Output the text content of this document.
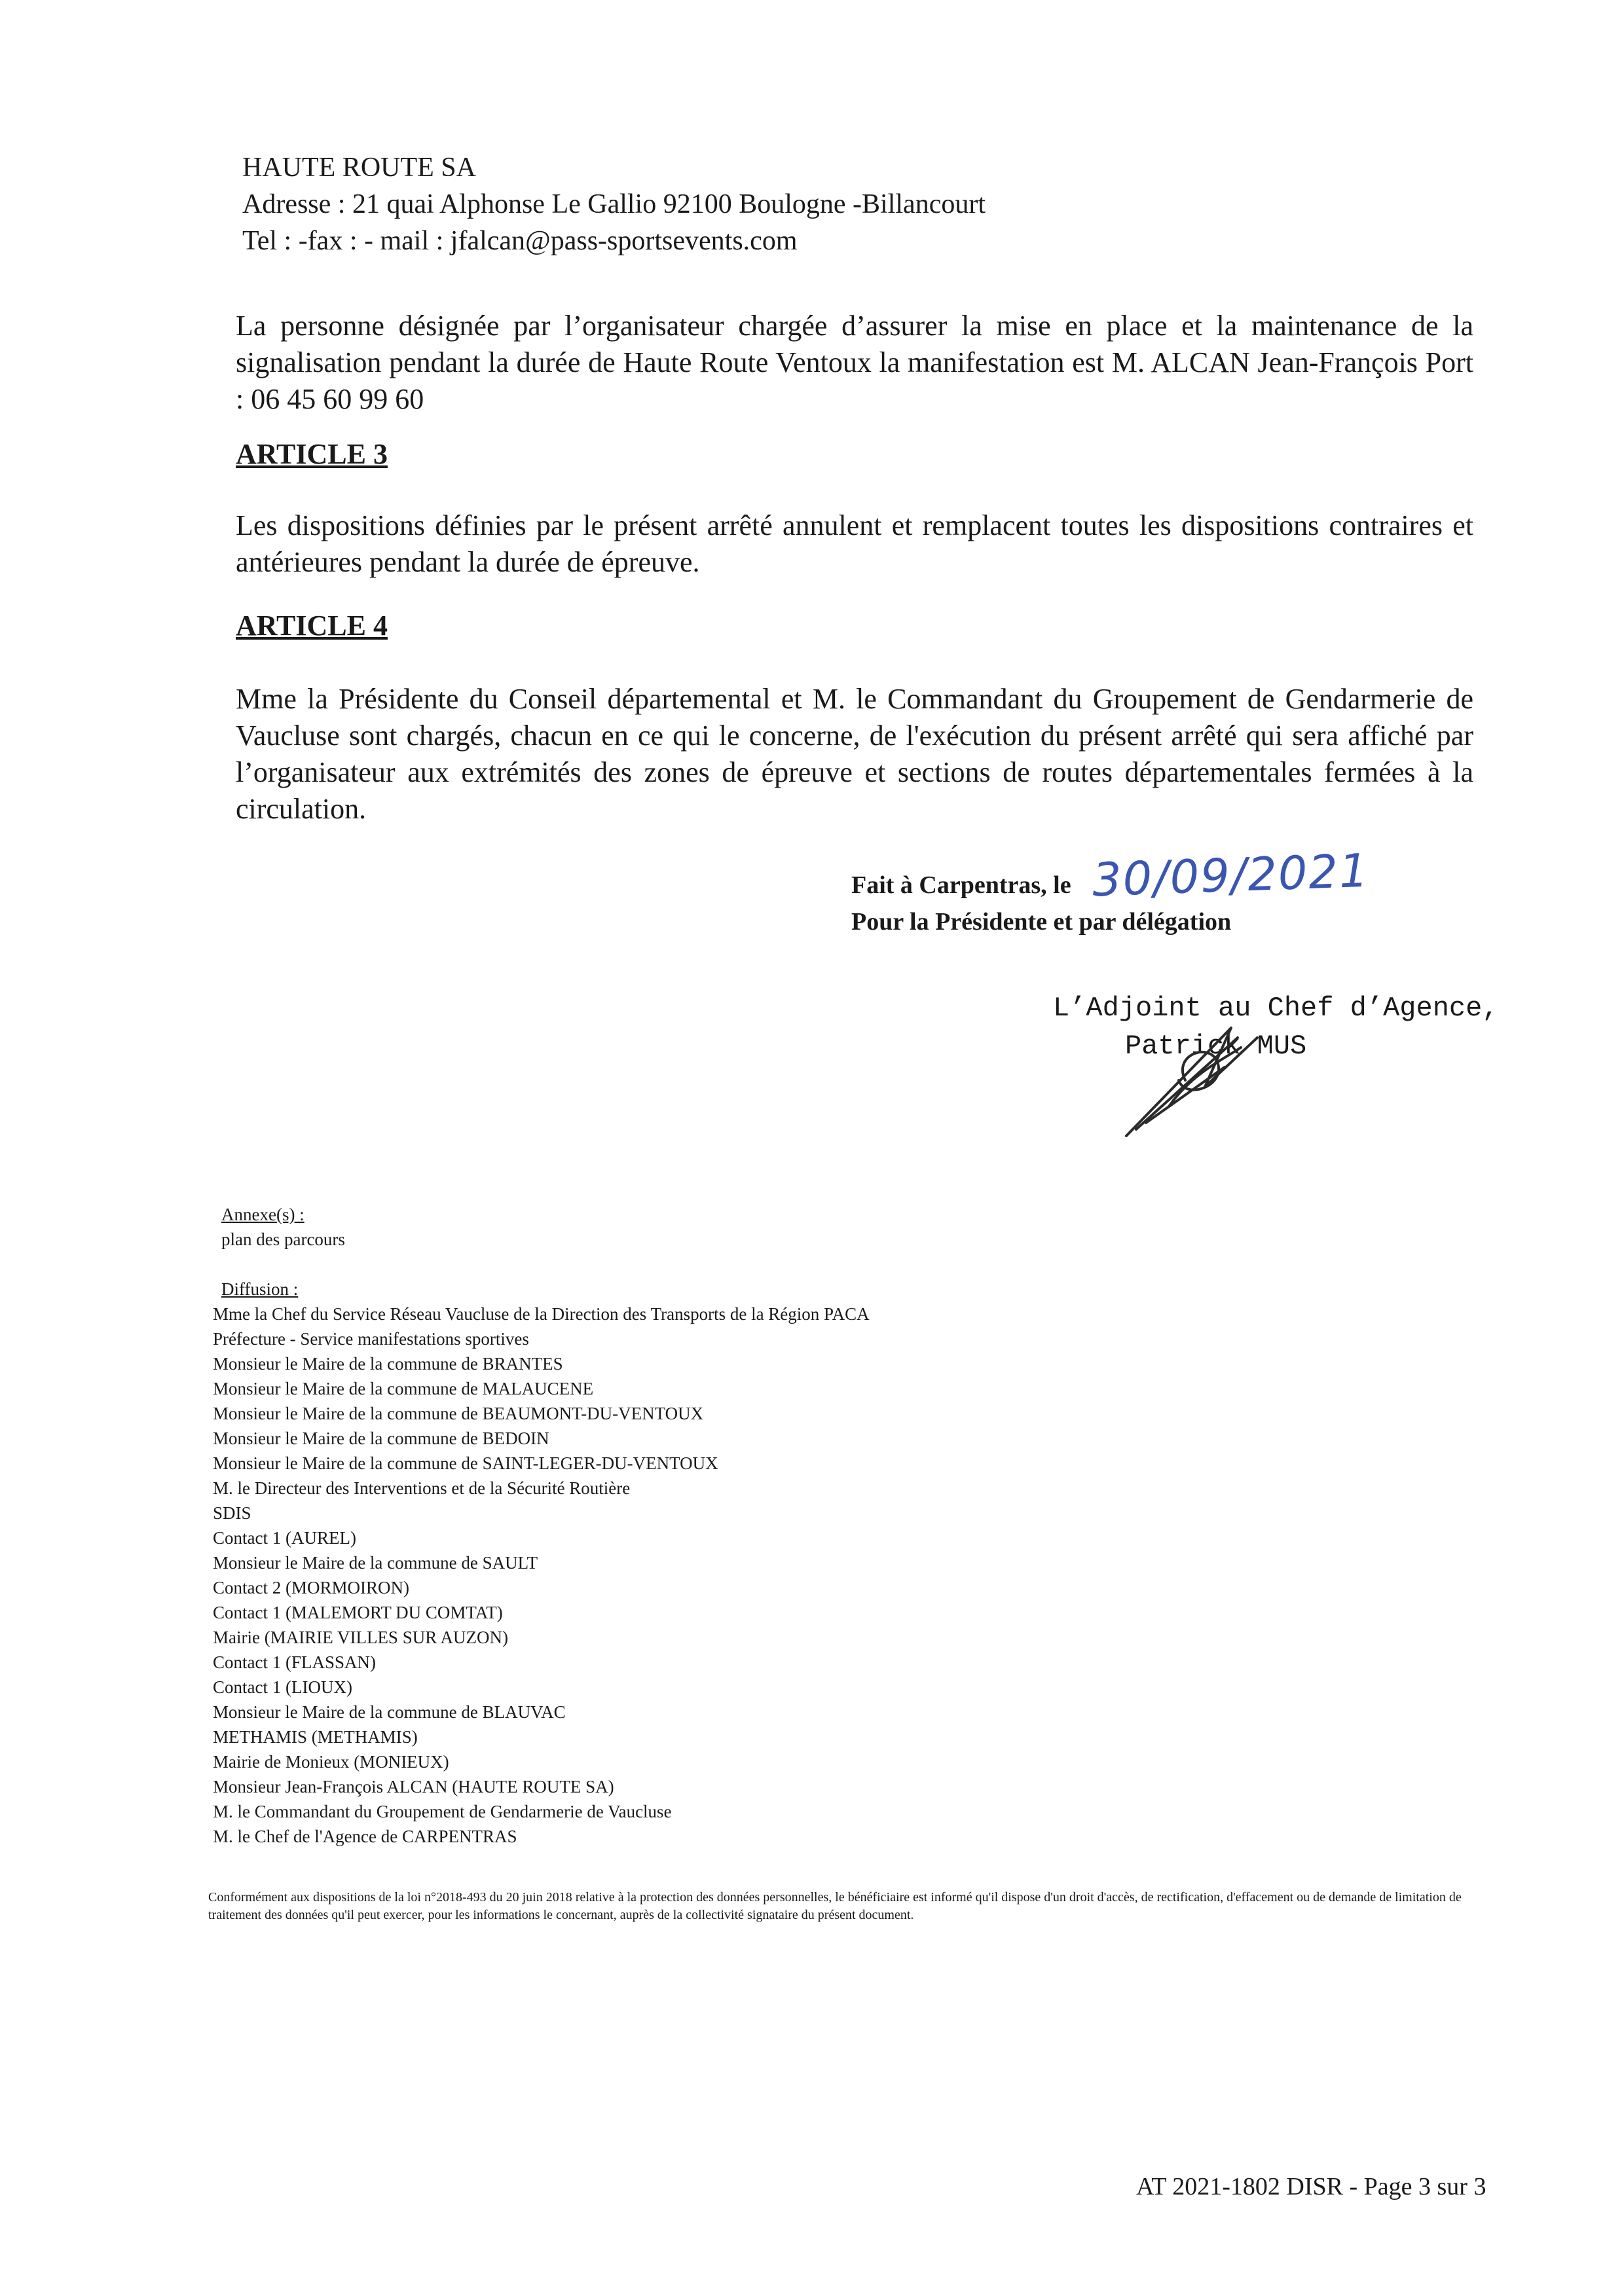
HAUTE ROUTE SA
Adresse : 21 quai Alphonse Le Gallio 92100 Boulogne -Billancourt
Tel : -fax : - mail : jfalcan@pass-sportsevents.com
La personne désignée par l’organisateur chargée d’assurer la mise en place et la maintenance de la signalisation pendant la durée de Haute Route Ventoux la manifestation est M. ALCAN Jean-François Port : 06 45 60 99 60
ARTICLE 3
Les dispositions définies par le présent arrêté annulent et remplacent toutes les dispositions contraires et antérieures pendant la durée de épreuve.
ARTICLE 4
Mme la Présidente du Conseil départemental et M. le Commandant du Groupement de Gendarmerie de Vaucluse sont chargés, chacun en ce qui le concerne, de l'exécution du présent arrêté qui sera affiché par l’organisateur aux extrémités des zones de épreuve et sections de routes départementales fermées à la circulation.
Fait à Carpentras, le 30/09/2021
Pour la Présidente et par délégation
L’Adjoint au Chef d’Agence,
Patrick MUS
Annexe(s) :
plan des parcours
Diffusion :
Mme la Chef du Service Réseau Vaucluse de la Direction des Transports de la Région PACA
Préfecture - Service manifestations sportives
Monsieur le Maire de la commune de BRANTES
Monsieur le Maire de la commune de MALAUCENE
Monsieur le Maire de la commune de BEAUMONT-DU-VENTOUX
Monsieur le Maire de la commune de BEDOIN
Monsieur le Maire de la commune de SAINT-LEGER-DU-VENTOUX
M. le Directeur des Interventions et de la Sécurité Routière
SDIS
Contact 1 (AUREL)
Monsieur le Maire de la commune de SAULT
Contact 2 (MORMOIRON)
Contact 1 (MALEMORT DU COMTAT)
Mairie (MAIRIE VILLES SUR AUZON)
Contact 1 (FLASSAN)
Contact 1 (LIOUX)
Monsieur le Maire de la commune de BLAUVAC
METHAMIS (METHAMIS)
Mairie de Monieux (MONIEUX)
Monsieur Jean-François ALCAN (HAUTE ROUTE SA)
M. le Commandant du Groupement de Gendarmerie de Vaucluse
M. le Chef de l'Agence de CARPENTRAS
Conformément aux dispositions de la loi n°2018-493 du 20 juin 2018 relative à la protection des données personnelles, le bénéficiaire est informé qu'il dispose d'un droit d'accès, de rectification, d'effacement ou de demande de limitation de traitement des données qu'il peut exercer, pour les informations le concernant, auprès de la collectivité signataire du présent document.
AT 2021-1802 DISR - Page 3 sur 3
